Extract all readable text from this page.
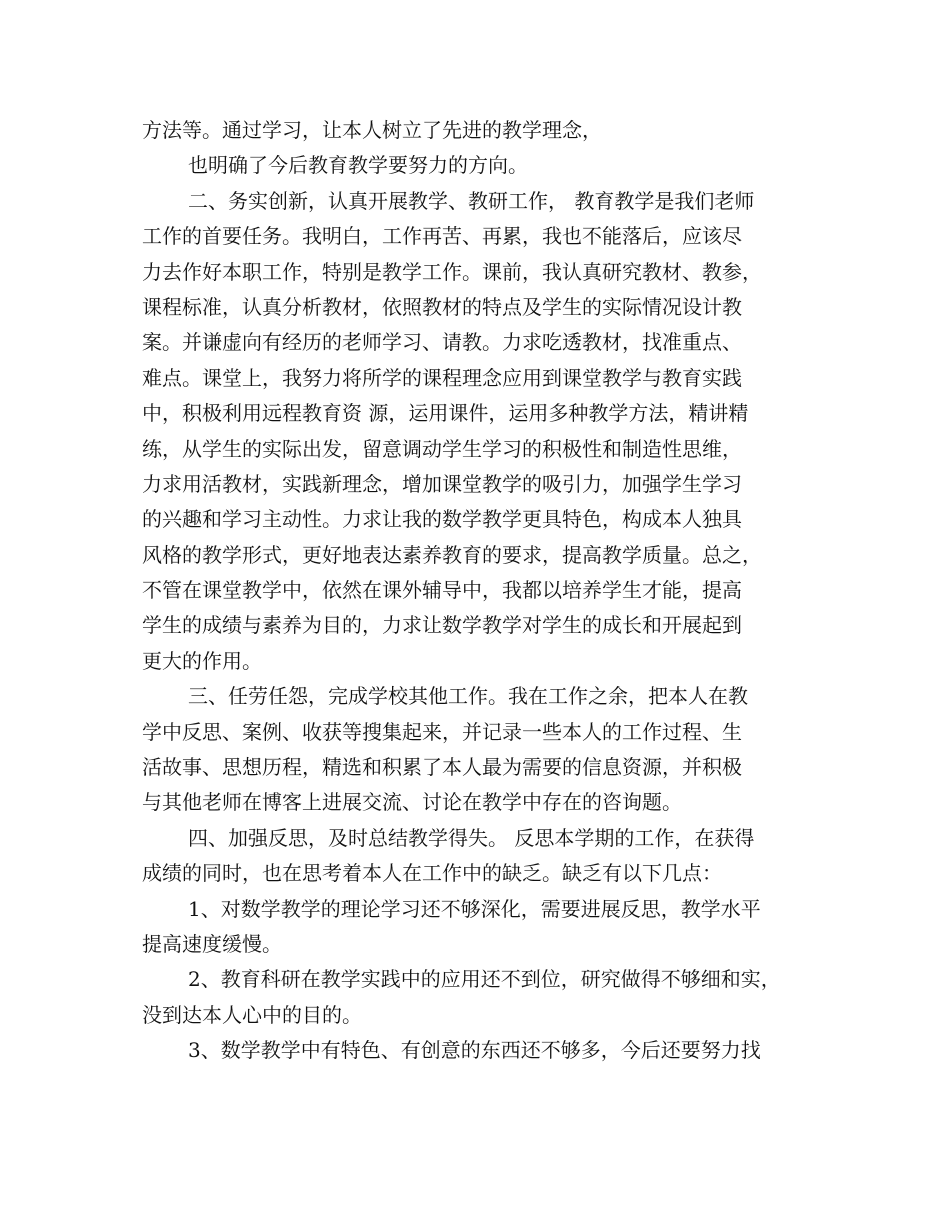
方法等。通过学习，让本人树立了先进的教学理念，
也明确了今后教育教学要努力的方向。
二、务实创新，认真开展教学、教研工作， 教育教学是我们老师
工作的首要任务。我明白，工作再苦、再累，我也不能落后，应该尽
力去作好本职工作，特别是教学工作。课前，我认真研究教材、教参，
课程标准，认真分析教材，依照教材的特点及学生的实际情况设计教
案。并谦虚向有经历的老师学习、请教。力求吃透教材，找准重点、
难点。课堂上，我努力将所学的课程理念应用到课堂教学与教育实践
中，积极利用远程教育资 源，运用课件，运用多种教学方法，精讲精
练，从学生的实际出发，留意调动学生学习的积极性和制造性思维，
力求用活教材，实践新理念，增加课堂教学的吸引力，加强学生学习
的兴趣和学习主动性。力求让我的数学教学更具特色，构成本人独具
风格的教学形式，更好地表达素养教育的要求，提高教学质量。总之，
不管在课堂教学中，依然在课外辅导中，我都以培养学生才能，提高
学生的成绩与素养为目的，力求让数学教学对学生的成长和开展起到
更大的作用。
三、任劳任怨，完成学校其他工作。我在工作之余，把本人在教
学中反思、案例、收获等搜集起来，并记录一些本人的工作过程、生
活故事、思想历程，精选和积累了本人最为需要的信息资源，并积极
与其他老师在博客上进展交流、讨论在教学中存在的咨询题。
四、加强反思，及时总结教学得失。 反思本学期的工作，在获得
成绩的同时，也在思考着本人在工作中的缺乏。缺乏有以下几点：
1、对数学教学的理论学习还不够深化，需要进展反思，教学水平
提高速度缓慢。
2、教育科研在教学实践中的应用还不到位，研究做得不够细和实，
没到达本人心中的目的。
3、数学教学中有特色、有创意的东西还不够多，今后还要努力找
